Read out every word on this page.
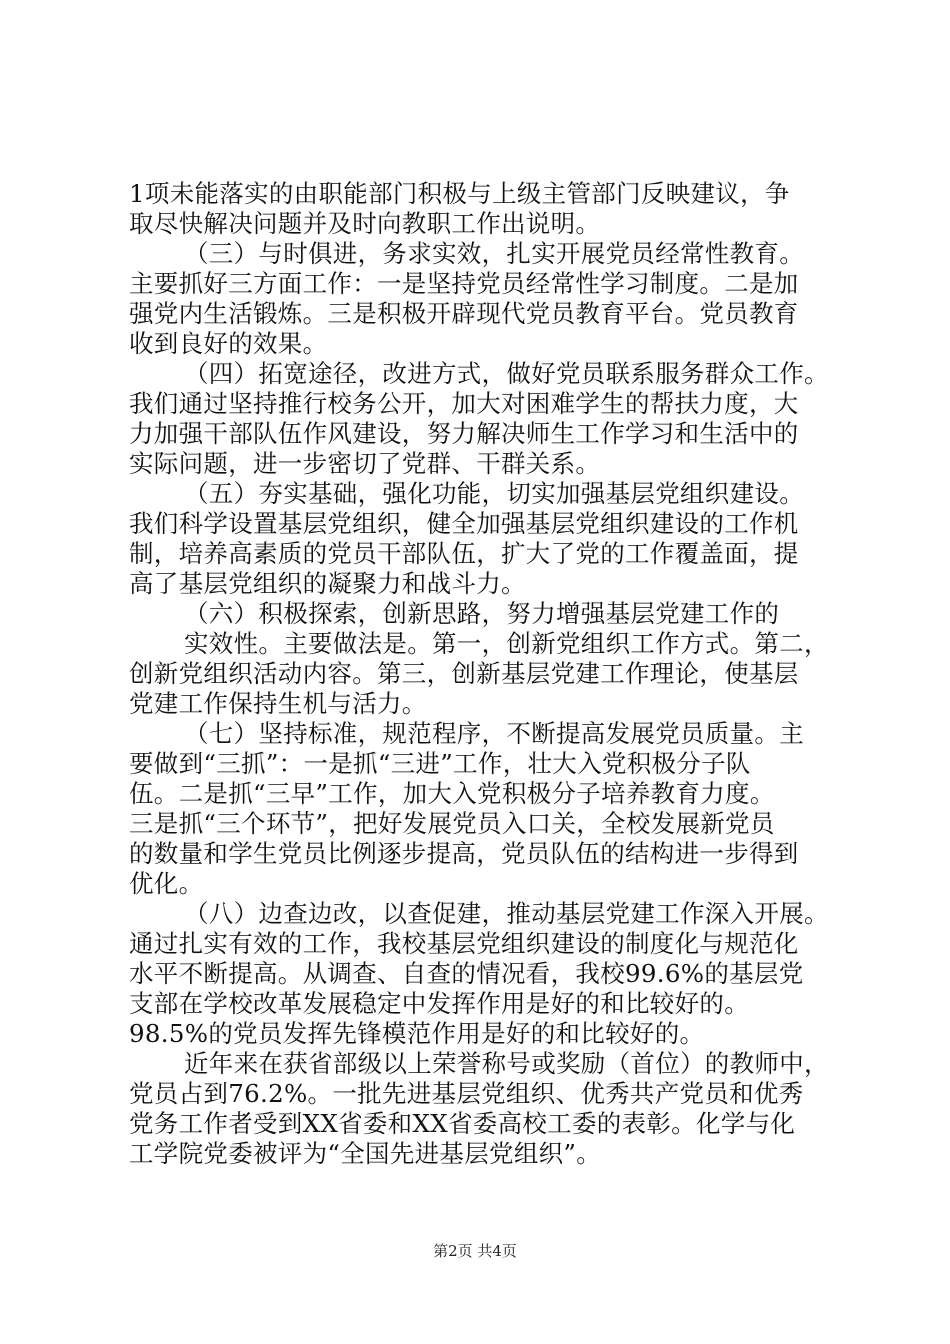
1项未能落实的由职能部门积极与上级主管部门反映建议，争
取尽快解决问题并及时向教职工作出说明。
（三）与时俱进，务求实效，扎实开展党员经常性教育。
主要抓好三方面工作：一是坚持党员经常性学习制度。二是加
强党内生活锻炼。三是积极开辟现代党员教育平台。党员教育
收到良好的效果。
（四）拓宽途径，改进方式，做好党员联系服务群众工作。
我们通过坚持推行校务公开，加大对困难学生的帮扶力度，大
力加强干部队伍作风建设，努力解决师生工作学习和生活中的
实际问题，进一步密切了党群、干群关系。
（五）夯实基础，强化功能，切实加强基层党组织建设。
我们科学设置基层党组织，健全加强基层党组织建设的工作机
制，培养高素质的党员干部队伍，扩大了党的工作覆盖面，提
高了基层党组织的凝聚力和战斗力。
（六）积极探索，创新思路，努力增强基层党建工作的
实效性。主要做法是。第一，创新党组织工作方式。第二，
创新党组织活动内容。第三，创新基层党建工作理论，使基层
党建工作保持生机与活力。
（七）坚持标准，规范程序，不断提高发展党员质量。主
要做到“三抓”：一是抓“三进”工作，壮大入党积极分子队
伍。二是抓“三早”工作，加大入党积极分子培养教育力度。
三是抓“三个环节”，把好发展党员入口关，全校发展新党员
的数量和学生党员比例逐步提高，党员队伍的结构进一步得到
优化。
（八）边查边改，以查促建，推动基层党建工作深入开展。
通过扎实有效的工作，我校基层党组织建设的制度化与规范化
水平不断提高。从调查、自查的情况看，我校99.6%的基层党
支部在学校改革发展稳定中发挥作用是好的和比较好的。
98.5%的党员发挥先锋模范作用是好的和比较好的。
近年来在获省部级以上荣誉称号或奖励（首位）的教师中，
党员占到76.2%。一批先进基层党组织、优秀共产党员和优秀
党务工作者受到XX省委和XX省委高校工委的表彰。化学与化
工学院党委被评为“全国先进基层党组织”。
第2页 共4页
